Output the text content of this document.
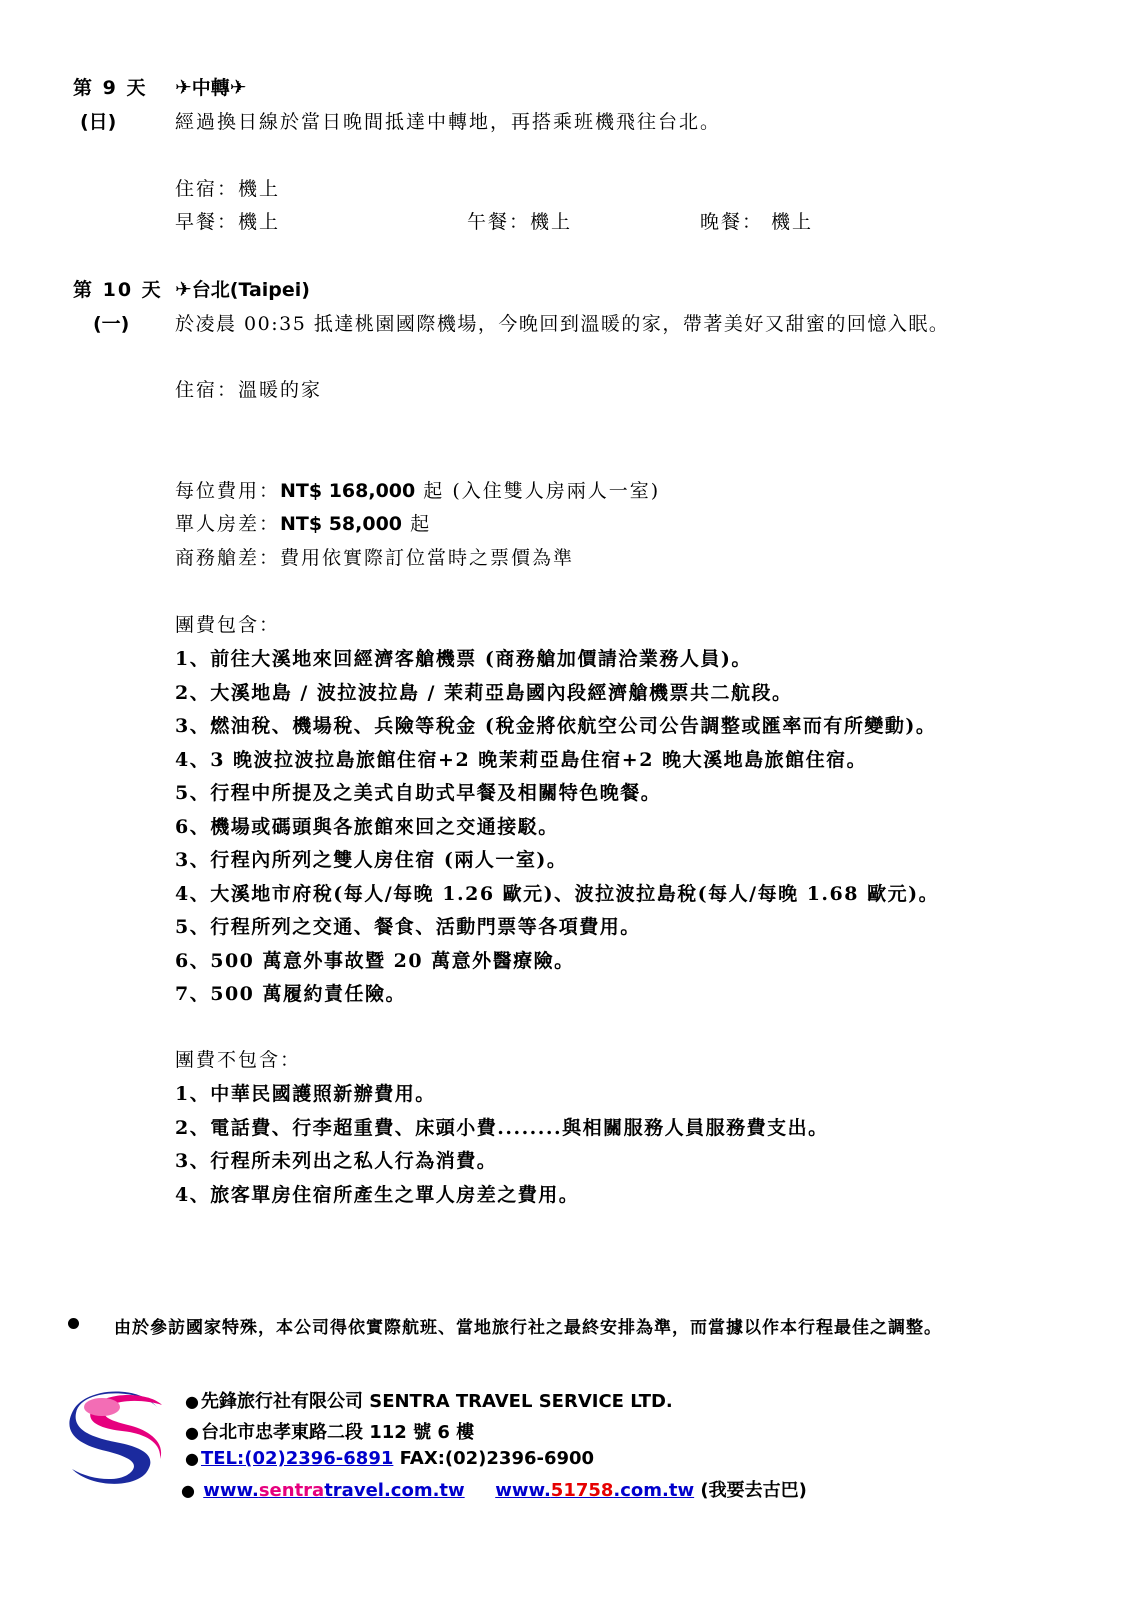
第 9 天
(日)
✈中轉✈
經過換日線於當日晚間抵達中轉地，再搭乘班機飛往台北。
住宿：機上
早餐：機上	午餐：機上	晚餐： 機上
第 10 天
(一)
✈台北(Taipei)
於凌晨 00:35 抵達桃園國際機場，今晚回到溫暖的家，帶著美好又甜蜜的回憶入眠。
住宿：溫暖的家
每位費用：NT$ 168,000 起 (入住雙人房兩人一室)
單人房差：NT$ 58,000 起
商務艙差：費用依實際訂位當時之票價為準
團費包含：
1、前往大溪地來回經濟客艙機票 (商務艙加價請洽業務人員)。
2、大溪地島 / 波拉波拉島 / 茉莉亞島國內段經濟艙機票共二航段。
3、燃油稅、機場稅、兵險等稅金 (稅金將依航空公司公告調整或匯率而有所變動)。
4、3 晚波拉波拉島旅館住宿+2 晚茉莉亞島住宿+2 晚大溪地島旅館住宿。
5、行程中所提及之美式自助式早餐及相關特色晚餐。
6、機場或碼頭與各旅館來回之交通接駁。
3、行程內所列之雙人房住宿 (兩人一室)。
4、大溪地市府稅(每人/每晚 1.26 歐元)、波拉波拉島稅(每人/每晚 1.68 歐元)。
5、行程所列之交通、餐食、活動門票等各項費用。
6、500 萬意外事故暨 20 萬意外醫療險。
7、500 萬履約責任險。
團費不包含：
1、中華民國護照新辦費用。
2、電話費、行李超重費、床頭小費........與相關服務人員服務費支出。
3、行程所未列出之私人行為消費。
4、旅客單房住宿所產生之單人房差之費用。
由於參訪國家特殊，本公司得依實際航班、當地旅行社之最終安排為準，而當據以作本行程最佳之調整。
● 先鋒旅行社有限公司 SENTRA TRAVEL SERVICE LTD.
● 台北市忠孝東路二段 112 號 6 樓
● TEL:(02)2396-6891 FAX:(02)2396-6900
● www.sentratravel.com.tw www.51758.com.tw (我要去古巴)
